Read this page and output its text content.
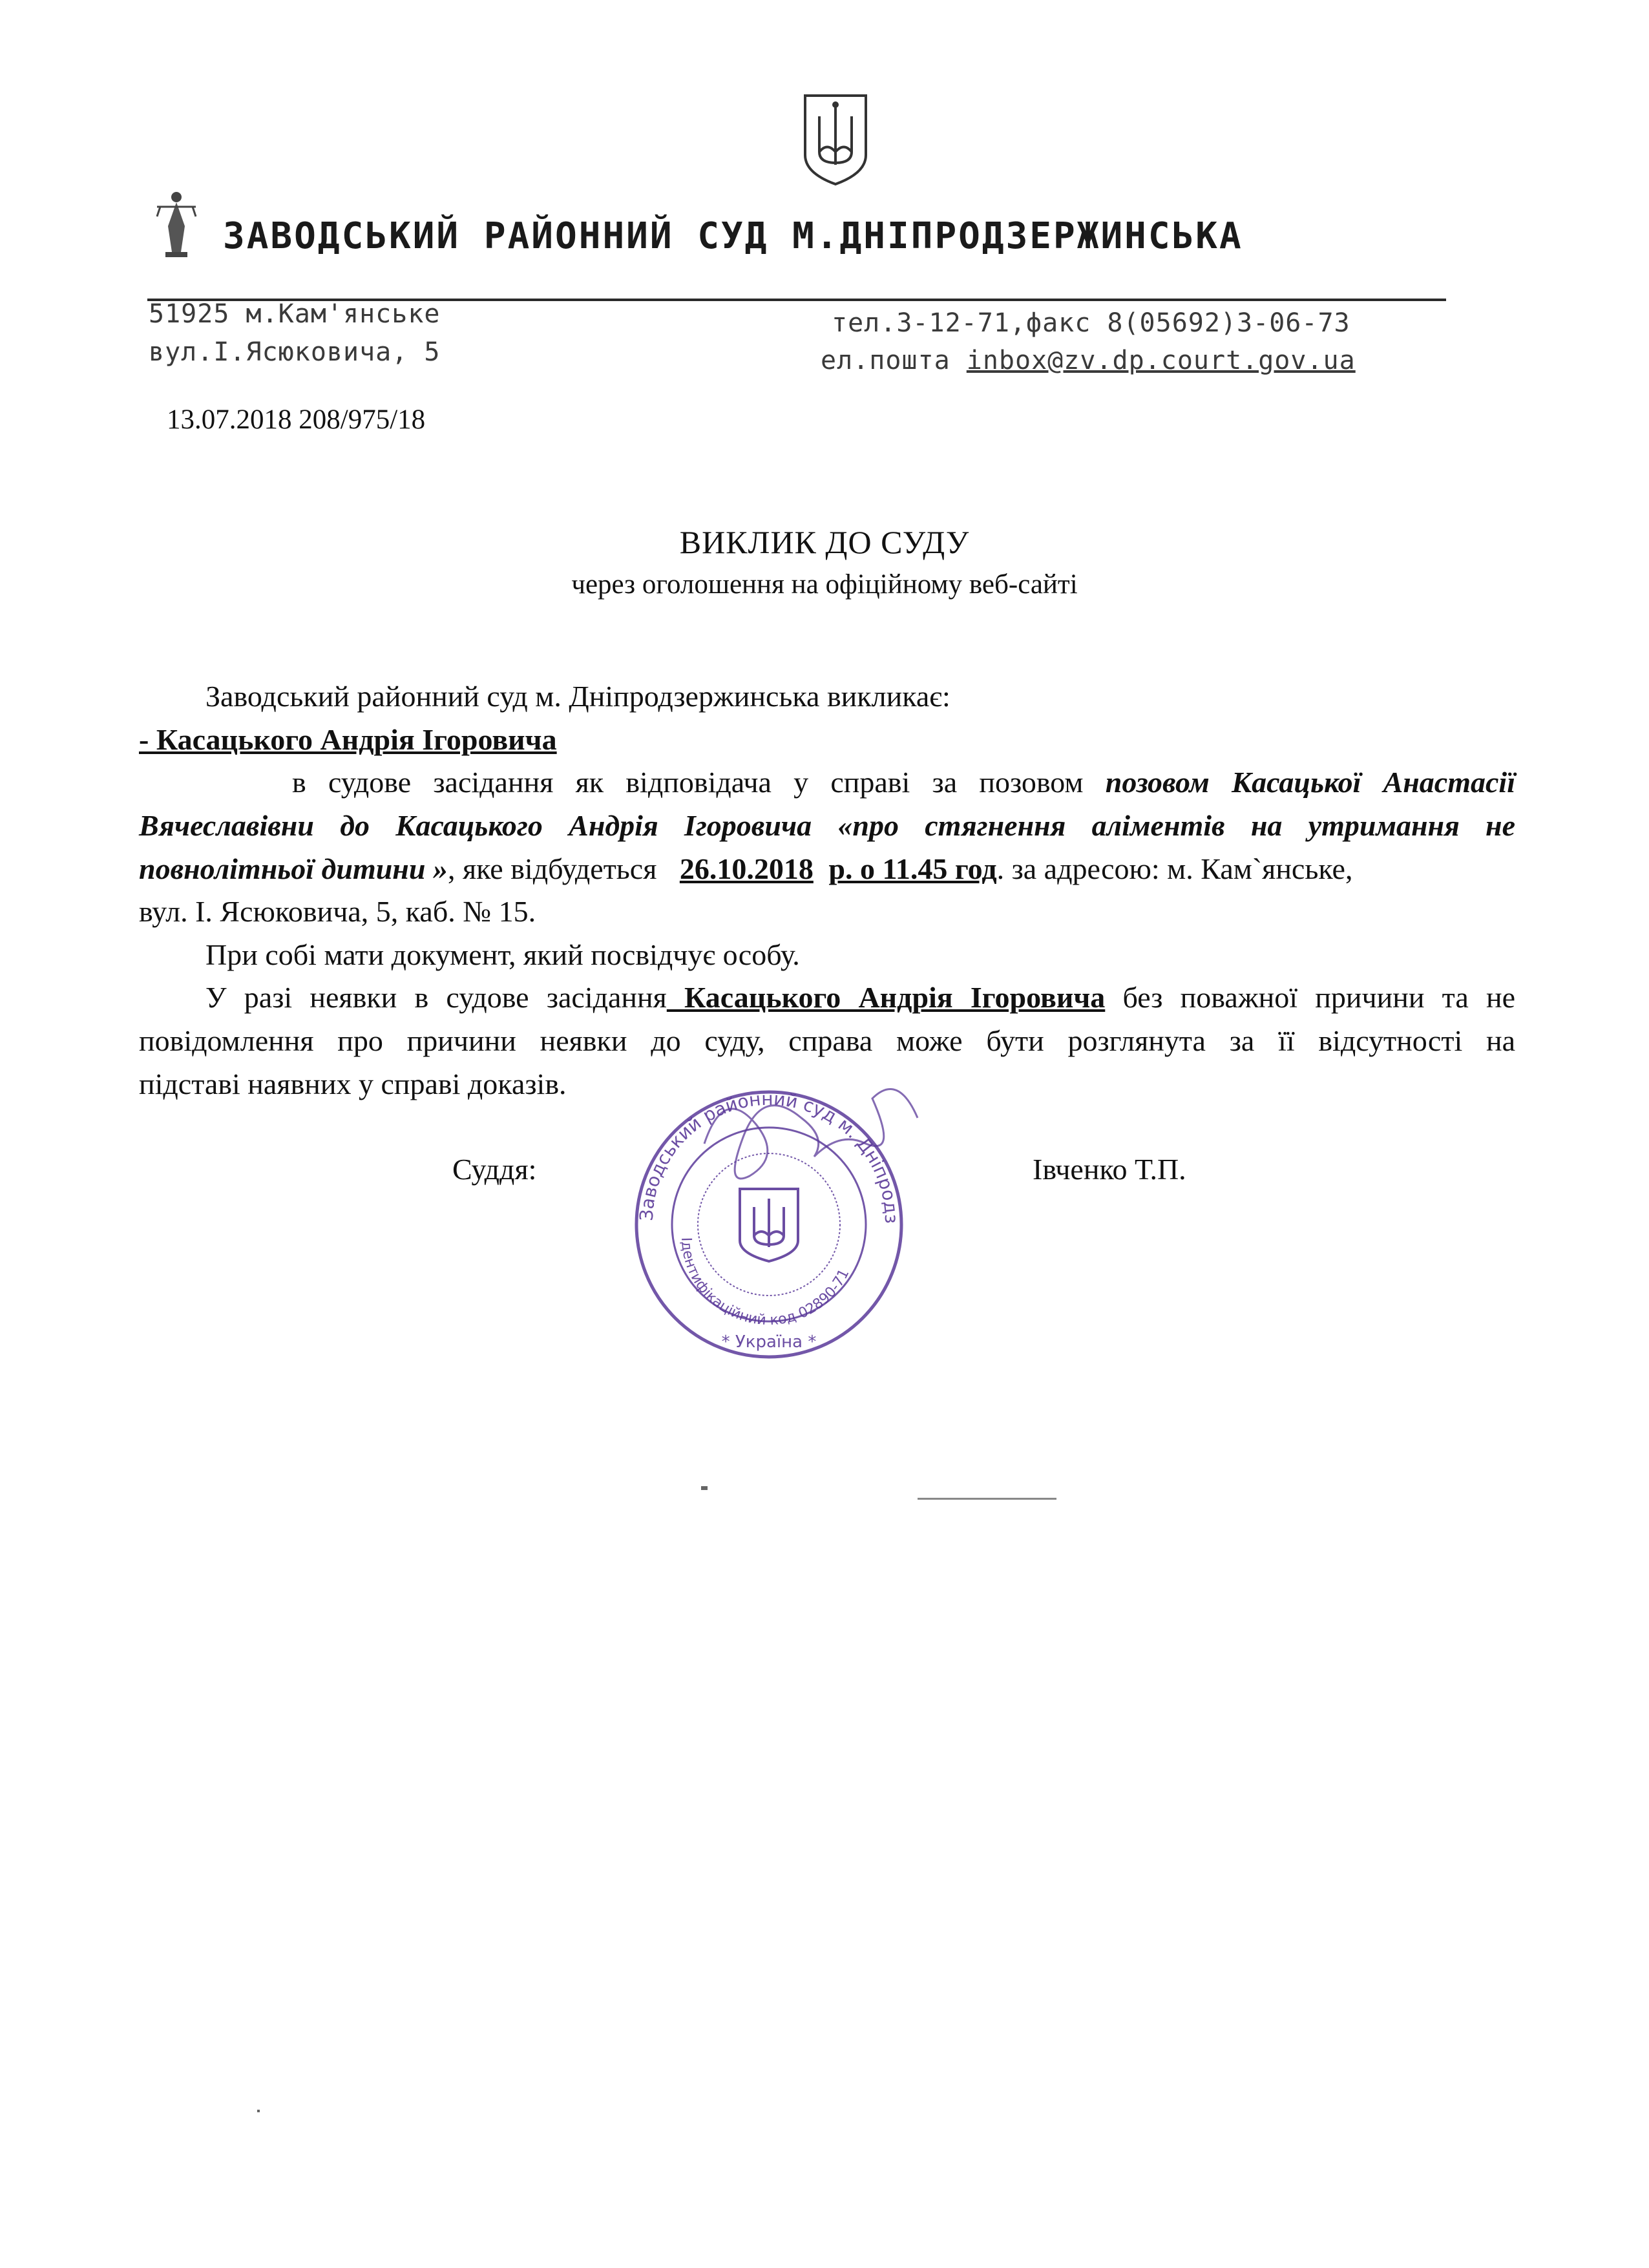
ЗАВОДСЬКИЙ РАЙОННИЙ СУД М.ДНІПРОДЗЕРЖИНСЬКА
51925 м.Кам'янське
вул.І.Ясюковича, 5
тел.3-12-71,факс 8(05692)3-06-73
ел.пошта inbox@zv.dp.court.gov.ua
13.07.2018 208/975/18
ВИКЛИК ДО СУДУ
через оголошення на офіційному веб-сайті
Заводський районний суд м. Дніпродзержинська викликає:
- Касацького Андрія Ігоровича
в судове засідання як відповідача у справі за позовом позовом Касацької Анастасії
Вячеславівни до Касацького Андрія Ігоровича «про стягнення аліментів на утримання не
повнолітньої дитини », яке відбудеться 26.10.2018 р. о 11.45 год. за адресою: м. Кам`янське,
вул. І. Ясюковича, 5, каб. № 15.
При собі мати документ, який посвідчує особу.
У разі неявки в судове засідання Касацького Андрія Ігоровича без поважної причини та не
повідомлення про причини неявки до суду, справа може бути розглянута за її відсутності на
підставі наявних у справі доказів.
Суддя:	Івченко Т.П.
Заводський районний суд м. Дніпродз
Ідентифікаційний код 02890-71
* Україна *
